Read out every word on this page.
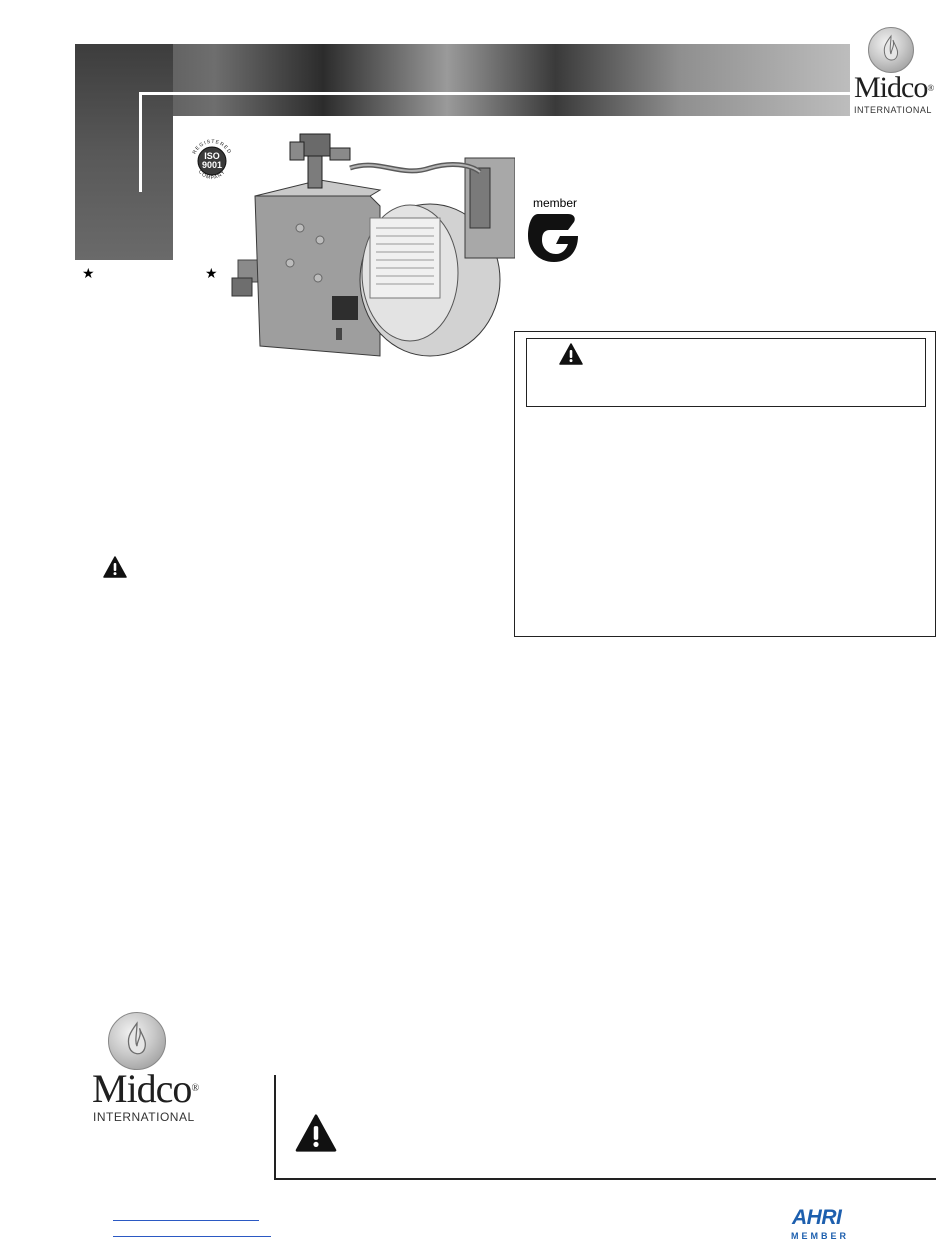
Midco®
INTERNATIONAL
REGISTERED
ISO
9001
COMPANY
★	★
member
Midco®
INTERNATIONAL
AHRI
MEMBER
